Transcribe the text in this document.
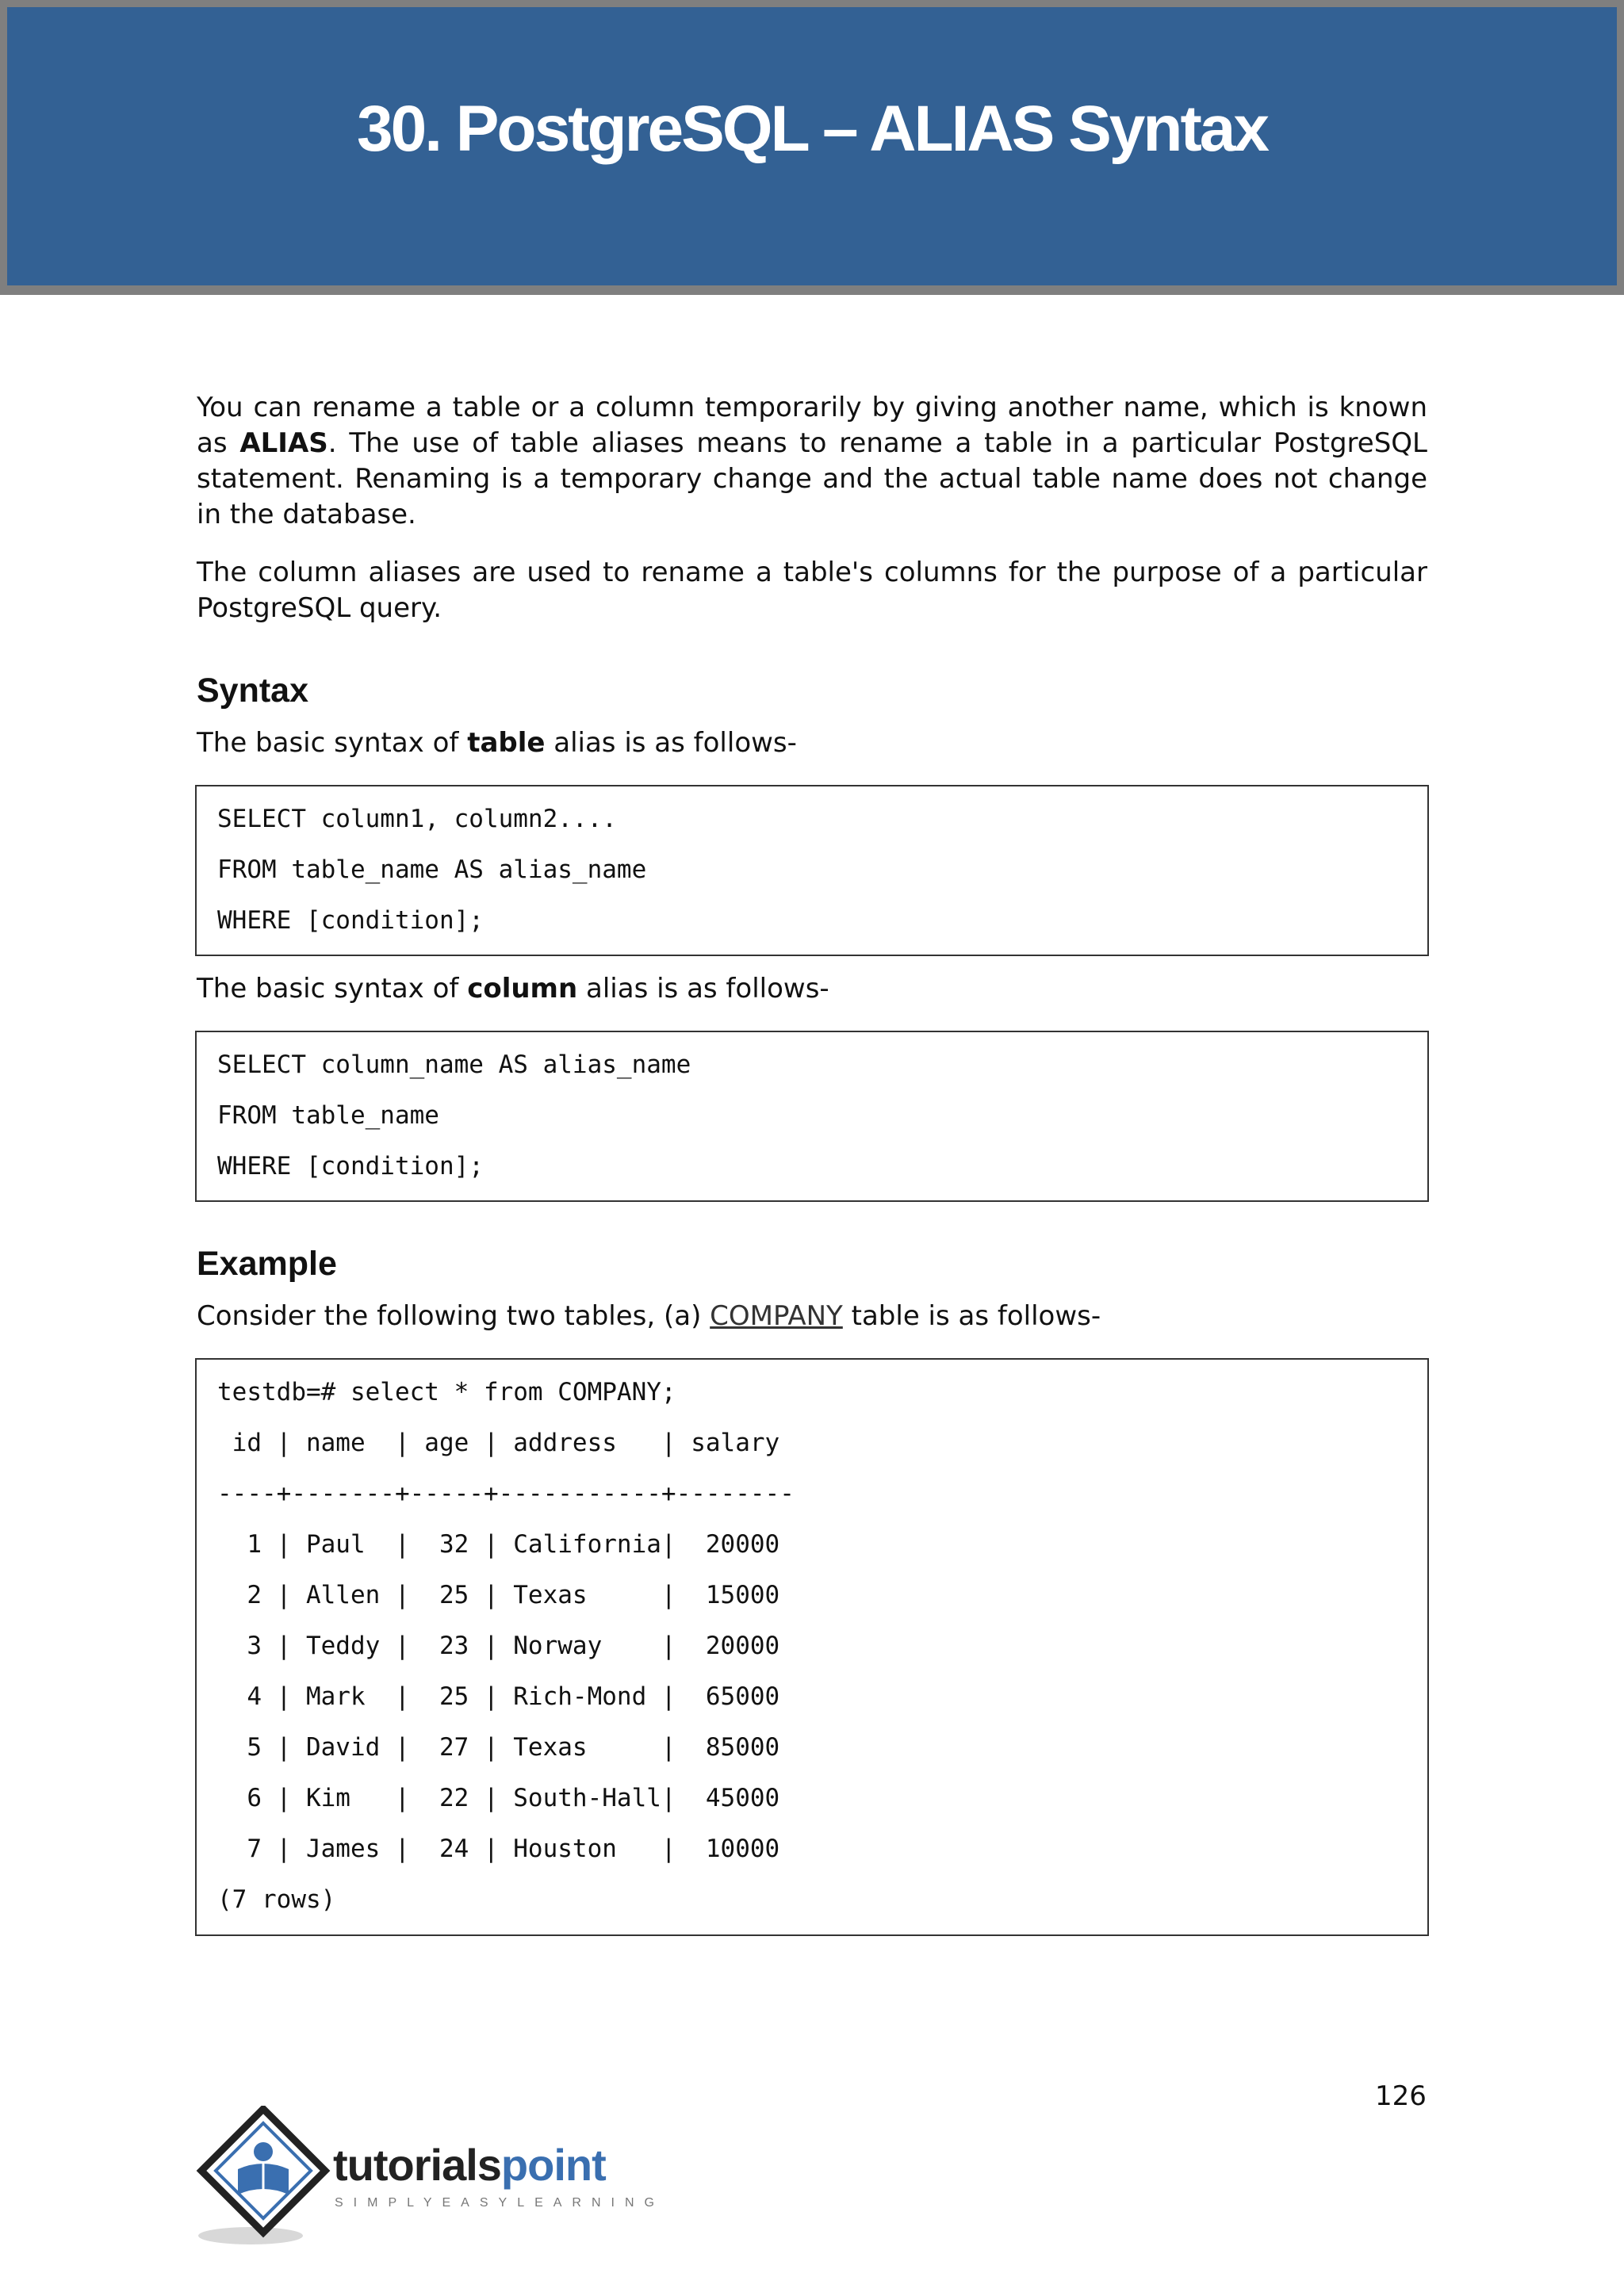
30. PostgreSQL – ALIAS Syntax

You can rename a table or a column temporarily by giving another name, which is known as ALIAS. The use of table aliases means to rename a table in a particular PostgreSQL statement. Renaming is a temporary change and the actual table name does not change in the database.

The column aliases are used to rename a table's columns for the purpose of a particular PostgreSQL query.

Syntax

The basic syntax of table alias is as follows-

SELECT column1, column2....
FROM table_name AS alias_name
WHERE [condition];

The basic syntax of column alias is as follows-

SELECT column_name AS alias_name
FROM table_name
WHERE [condition];
Example

Consider the following two tables, (a) COMPANY table is as follows-

testdb=# select * from COMPANY;
id | name  | age | address   | salary
----+-------+-----+-----------+--------
1 | Paul  |  32 | California|  20000
2 | Allen |  25 | Texas     |  15000
3 | Teddy |  23 | Norway    |  20000
4 | Mark  |  25 | Rich-Mond |  65000
5 | David |  27 | Texas     |  85000
6 | Kim   |  22 | South-Hall|  45000
7 | James |  24 | Houston   |  10000
(7 rows)
126
tutorialspoint
SIMPLYEASYLEARNING
